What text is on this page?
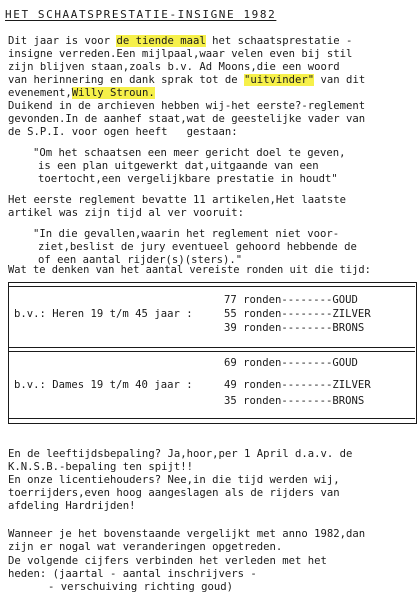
HET SCHAATSPRESTATIE-INSIGNE 1982
Dit jaar is voor de tiende maal het schaatsprestatie -
insigne verreden.Een mijlpaal,waar velen even bij stil
zijn blijven staan,zoals b.v. Ad Moons,die een woord
van herinnering en dank sprak tot de "uitvinder" van dit
evenement,Willy Stroun.
Duikend in de archieven hebben wij-het eerste?-reglement
gevonden.In de aanhef staat,wat de geestelijke vader van
de S.P.I. voor ogen heeft   gestaan:
"Om het schaatsen een meer gericht doel te geven,
is een plan uitgewerkt dat,uitgaande van een
toertocht,een vergelijkbare prestatie in houdt"
Het eerste reglement bevatte 11 artikelen,Het laatste
artikel was zijn tijd al ver vooruit:
"In die gevallen,waarin het reglement niet voor-
ziet,beslist de jury eventueel gehoord hebbende de
of een aantal rijder(s)(sters)."
Wat te denken van het aantal vereiste ronden uit die tijd:
b.v.: Heren 19 t/m 45 jaar :
77 ronden--------GOUD
55 ronden--------ZILVER
39 ronden--------BRONS
b.v.: Dames 19 t/m 40 jaar :
69 ronden--------GOUD
49 ronden--------ZILVER
35 ronden--------BRONS
En de leeftijdsbepaling? Ja,hoor,per 1 April d.a.v. de
K.N.S.B.-bepaling ten spijt!!
En onze licentiehouders? Nee,in die tijd werden wij,
toerrijders,even hoog aangeslagen als de rijders van
afdeling Hardrijden!
Wanneer je het bovenstaande vergelijkt met anno 1982,dan
zijn er nogal wat veranderingen opgetreden.
De volgende cijfers verbinden het verleden met het
heden: (jaartal - aantal inschrijvers -
- verschuiving richting goud)
